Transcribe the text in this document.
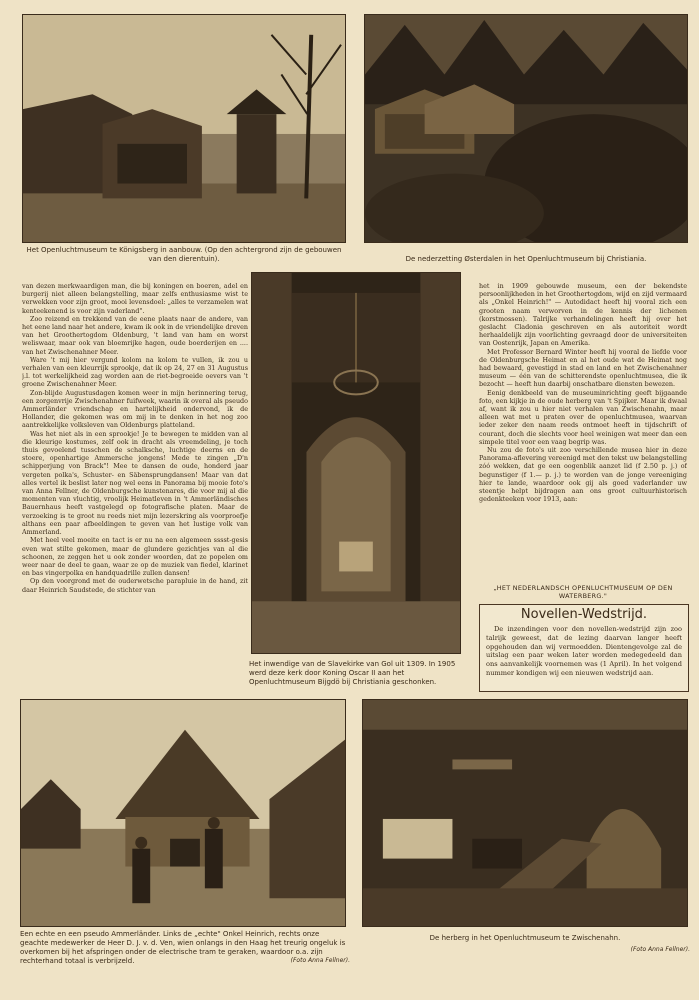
Het Openluchtmuseum te Königsberg in aanbouw. (Op den achtergrond zijn de gebouwen van den dierentuin).	De nederzetting Østerdalen in het Openluchtmuseum bij Christiania.

van dezen merkwaardigen man, die bij koningen en boeren, adel en burgerij niet alleen belangstelling, maar zelfs enthusiasme wist te verwekken voor zijn groot, mooi levensdoel: „alles te verzamelen wat kenteekenend is voor zijn vaderland".

Zoo reizend en trekkend van de eene plaats naar de andere, van het eene land naar het andere, kwam ik ook in de vriendelijke dreven van het Groothertogdom Oldenburg, 't land van ham en worst weliswaar, maar ook van bloemrijke hagen, oude boerderijen en .... van het Zwischenahner Meer.

Ware 't mij hier vergund kolom na kolom te vullen, ik zou u verhalen van een kleurrijk sprookje, dat ik op 24, 27 en 31 Augustus j.l. tot werkelijkheid zag worden aan de riet-begroeide oevers van 't groene Zwischenahner Meer.

Zon-blijde Augustusdagen komen weer in mijn herinnering terug, een zorgenvrije Zwischenahner fuifweek, waarin ik overal als pseudo Ammerländer vriendschap en hartelijkheid ondervond, ik de Hollander, die gekomen was om mij in te denken in het nog zoo aantrekkelijke volksleven van Oldenburgs platteland.

Was het niet als in een sprookje! Je te bewegen te midden van al die kleurige kostumes, zelf ook in dracht als vreemdeling, je toch thuis gevoelend tusschen de schalksche, luchtige deerns en de stoere, openhartige Ammersche jongens! Mede te zingen „D'n schipperjung von Brack"! Mee te dansen de oude, honderd jaar vergeten polka's, Schuster- en Säbensprungdansen! Maar van dat alles vertel ik beslist later nog wel eens in Panorama bij mooie foto's van Anna Fellner, de Oldenburgsche kunstenares, die voor mij al die momenten van vluchtig, vroolijk Heimatleven in 't Ammerländisches Bauernhaus heeft vastgelegd op fotografische platen. Maar de verzoeking is te groot nu reeds niet mijn lezerskring als voorproefje althans een paar afbeeldingen te geven van het lustige volk van Ammerland.

Met heel veel moeite en tact is er nu na een algemeen sssst-gesis even wat stilte gekomen, maar de glundere gezichtjes van al die schoonen, ze zeggen het u ook zonder woorden, dat ze popelen om weer naar de deel te gaan, waar ze op de muziek van fiedel, klarinet en bas vingerpolka en handquadrille zullen dansen!

Op den voorgrond met de ouderwetsche parapluie in de hand, zit daar Heinrich Saudstede, de stichter van

Het inwendige van de Slavekirke van Gol uit 1309. In 1905 werd deze kerk door Koning Oscar II aan het Openluchtmuseum Bijgdö bij Christiania geschonken.

het in 1909 gebouwde museum, een der bekendste persoonlijkheden in het Groothertogdom, wijd en zijd vermaard als „Onkel Heinrich!" — Autodidact heeft hij vooral zich een grooten naam verworven in de kennis der lichenen (korstmossen). Talrijke verhandelingen heeft hij over het geslacht Cladonia geschreven en als autoriteit wordt herhaaldelijk zijn voorlichting gevraagd door de universiteiten van Oostenrijk, Japan en Amerika.

Met Professor Bernard Winter heeft hij vooral de liefde voor de Oldenburgsche Heimat en al het oude wat de Heimat nog had bewaard, gevestigd in stad en land en het Zwischenahner museum — één van de schitterendste openluchtmusea, die ik bezocht — heeft hun daarbij onschatbare diensten bewezen.

Eenig denkbeeld van de museuminrichting geeft bijgaande foto, een kijkje in de oude herberg van 't Spijker. Maar ik dwaal af, want ik zou u hier niet verhalen van Zwischenahn, maar alleen wat met u praten over de openluchtmusea, waarvan ieder zeker den naam reeds ontmoet heeft in tijdschrift of courant, doch die slechts voor heel weinigen wat meer dan een simpele titel voor een vaag begrip was.

Nu zou de foto's uit zoo verschillende musea hier in deze Panorama-aflevering vereenigd met den tekst uw belangstelling zóó wekken, dat ge een oogenblik aanzet lid (f 2.50 p. j.) of begunstiger (f 1.— p. j.) te worden van de jonge vereeniging hier te lande, waardoor ook gij als goed vaderlander uw steentje helpt bijdragen aan ons groot cultuurhistorisch gedenkteeken voor 1913, aan:

„HET NEDERLANDSCH OPENLUCHTMUSEUM OP DEN WATERBERG."
Novellen-Wedstrijd.

De inzendingen voor den novellen-wedstrijd zijn zoo talrijk geweest, dat de lezing daarvan langer heeft opgehouden dan wij vermoedden. Dientengevolge zal de uitslag een paar weken later worden medegedeeld dan ons aanvankelijk voornemen was (1 April). In het volgend nummer kondigen wij een nieuwen wedstrijd aan.

Een echte en een pseudo Ammerländer. Links de „echte" Onkel Heinrich, rechts onze geachte medewerker de Heer D. J. v. d. Ven, wien onlangs in den Haag het treurig ongeluk is overkomen bij het afspringen onder de electrische tram te geraken, waardoor o.a. zijn rechterhand totaal is verbrijzeld.	(Foto Anna Fellner).
De herberg in het Openluchtmuseum te Zwischenahn.
(Foto Anna Fellner).
